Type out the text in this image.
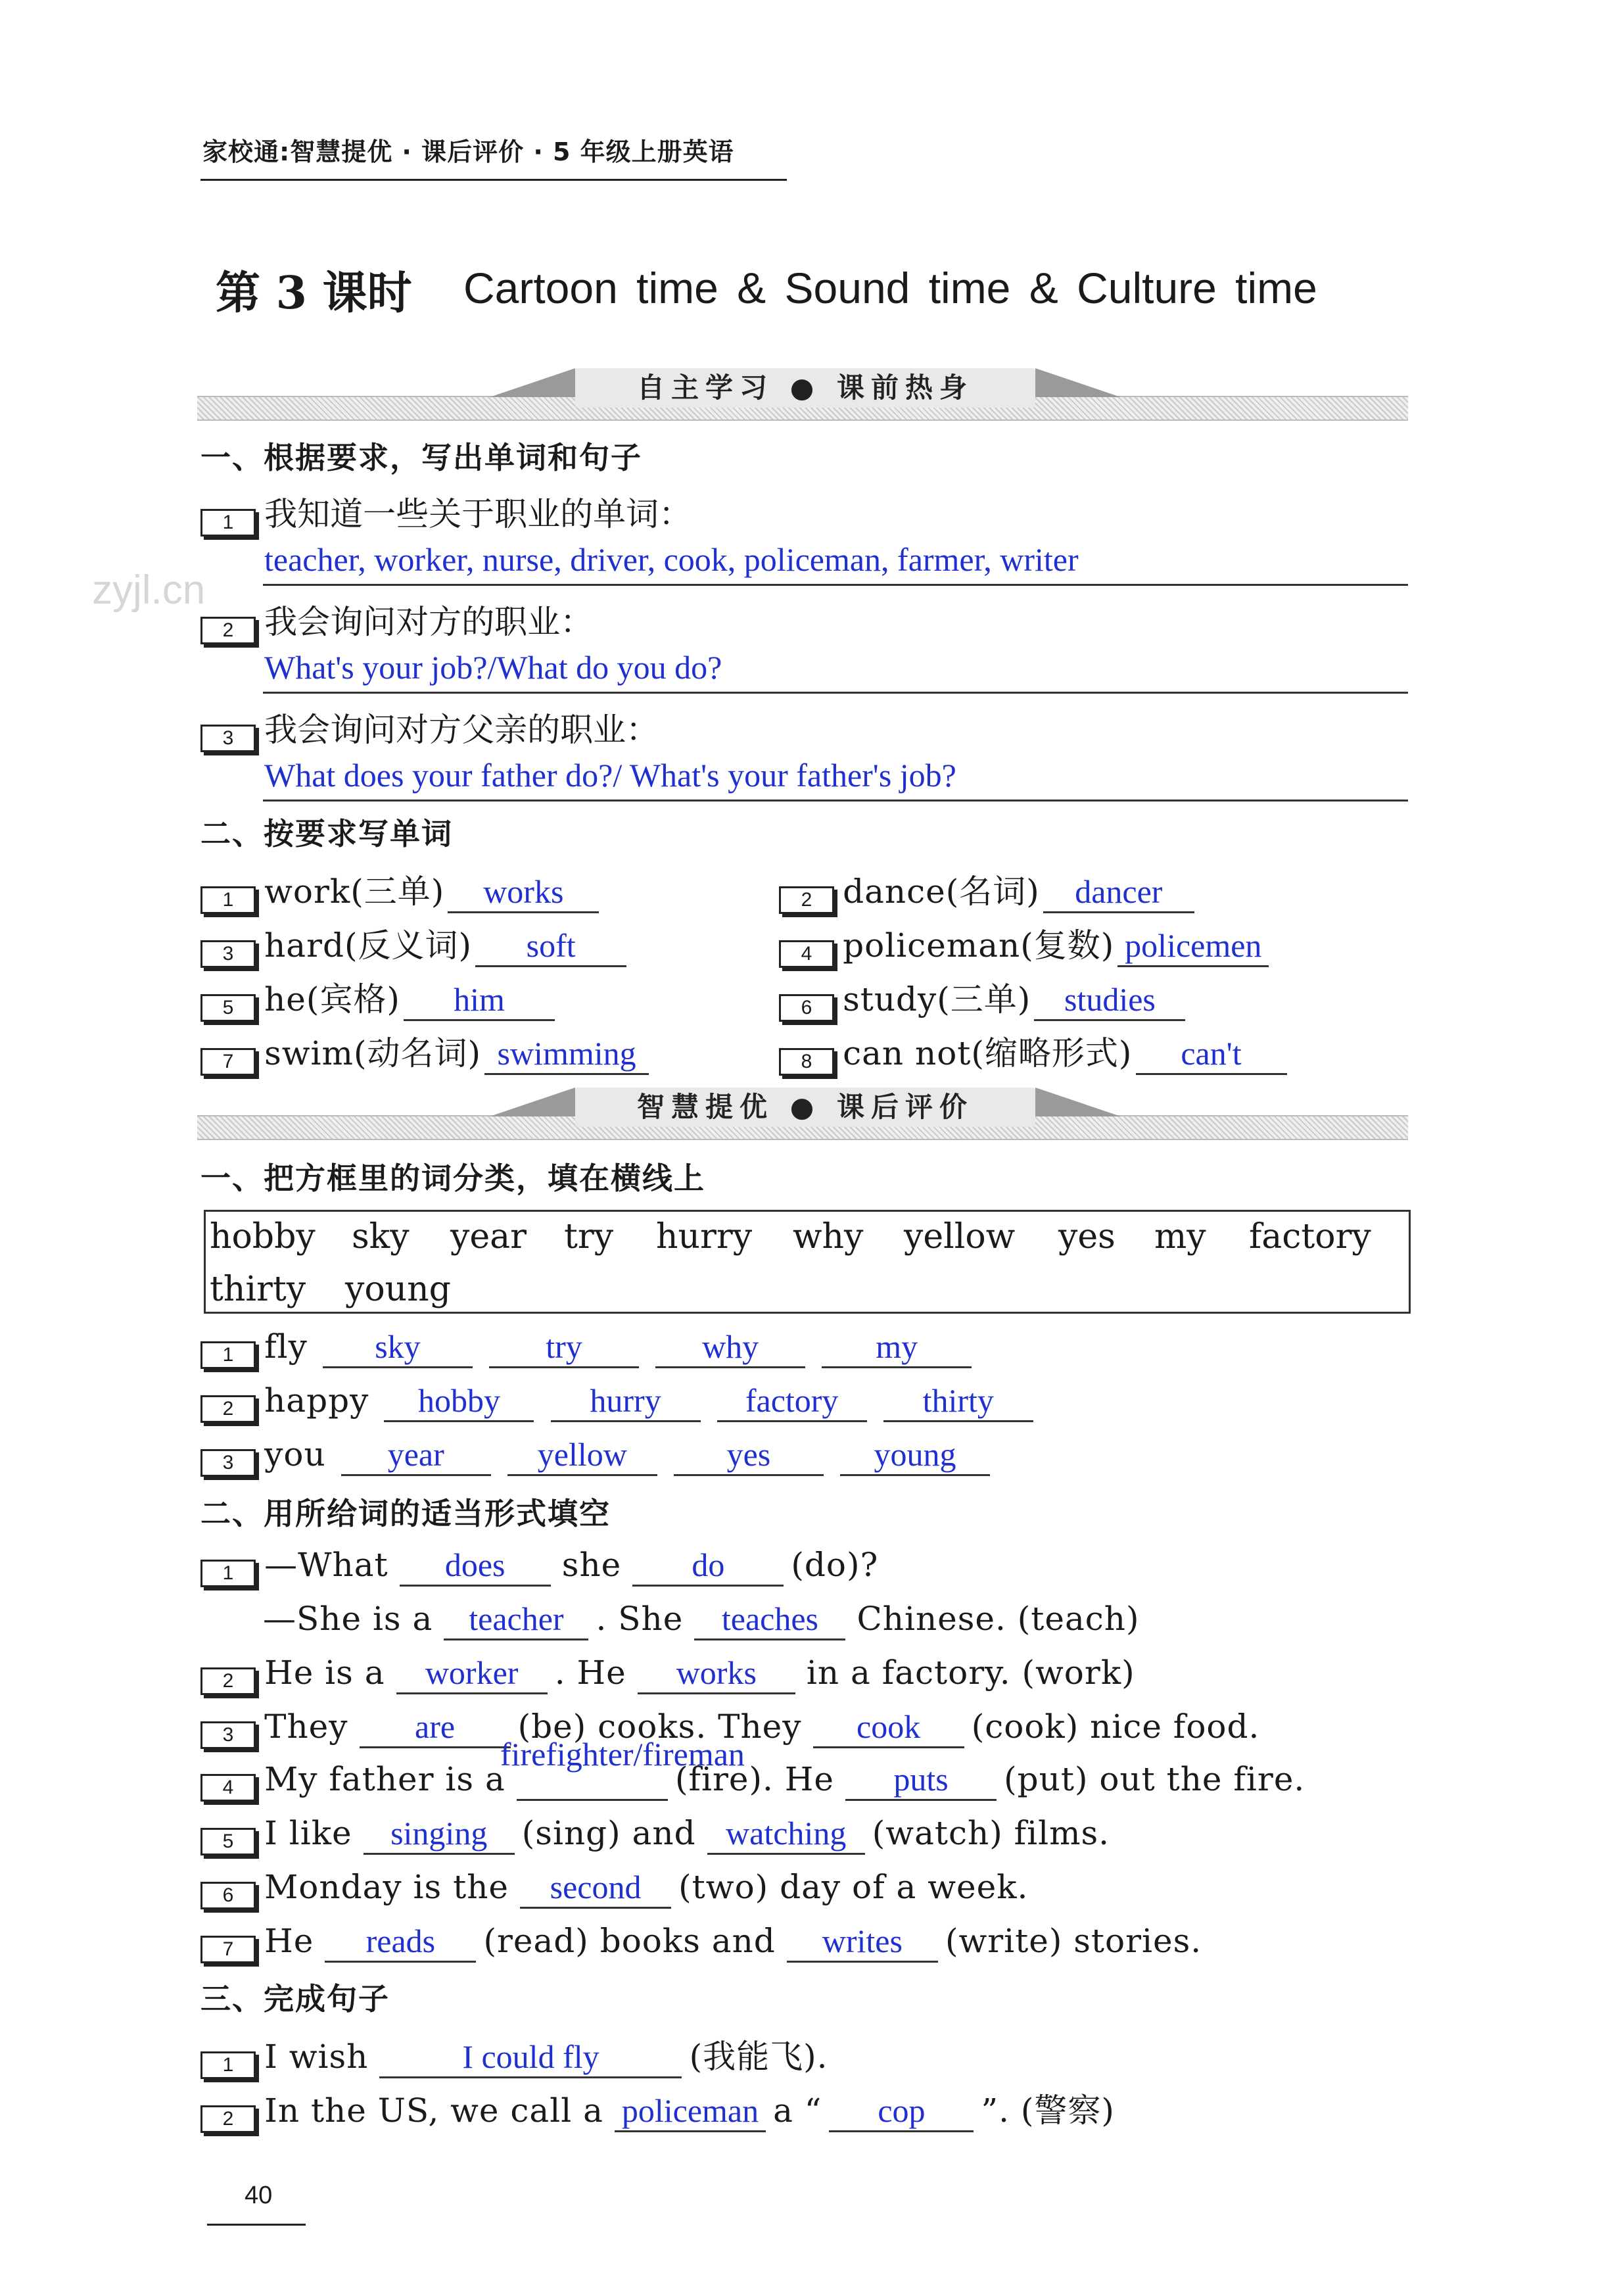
家校通:智慧提优 · 课后评价 · 5 年级上册英语
zyjl.cn
第 3 课时 Cartoon time & Sound time & Culture time
自主学习 ● 课前热身
一、根据要求，写出单词和句子
1 我知道一些关于职业的单词：
teacher, worker, nurse, driver, cook, policeman, farmer, writer
2 我会询问对方的职业：
What's your job?/What do you do?
3 我会询问对方父亲的职业：
What does your father do?/ What's your father's job?
二、按要求写单词
1 work(三单) works	2 dance(名词) dancer
3 hard(反义词) soft	4 policeman(复数) policemen
5 he(宾格) him	6 study(三单) studies
7 swim(动名词) swimming	8 can not(缩略形式) can't
智慧提优 ● 课后评价
一、把方框里的词分类，填在横线上
hobby sky year try hurry why yellow yes my factory
thirty young
1 fly sky	try	why	my
2 happy hobby	hurry	factory	thirty
3 you year	yellow	yes	young
二、用所给词的适当形式填空
1 —What does she do (do)?
—She is a teacher . She teaches Chinese. (teach)
2 He is a worker . He works in a factory. (work)
3 They are (be) cooks. They cook (cook) nice food.
4 My father is a
firefighter/fireman
(fire). He puts (put) out the fire.
5 I like singing (sing) and watching (watch) films.
6 Monday is the second (two) day of a week.
7 He reads (read) books and writes (write) stories.
三、完成句子
1 I wish	I could fly	(我能飞).
2 In the US, we call a policeman a “ cop ”. (警察)
40
